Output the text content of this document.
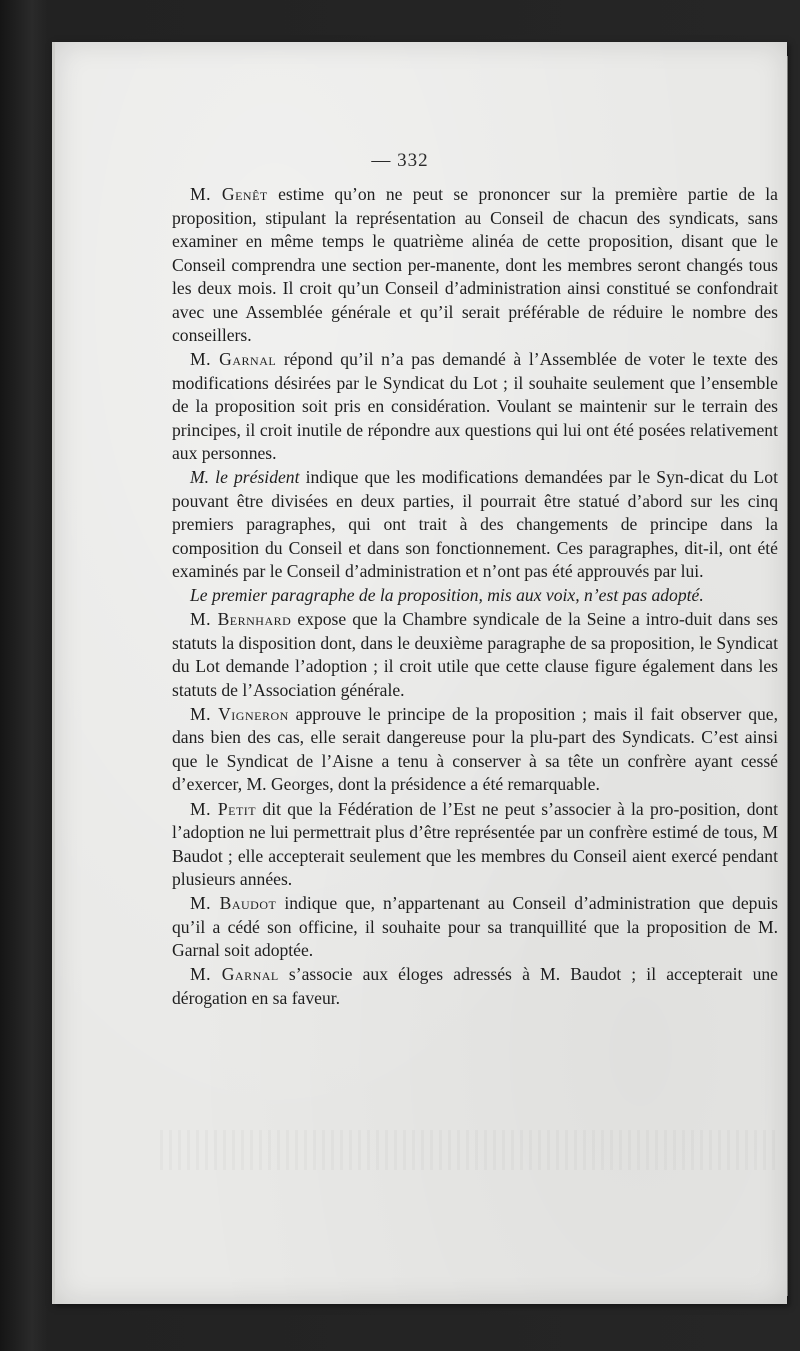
— 332

M. Genêt estime qu’on ne peut se prononcer sur la première partie de la proposition, stipulant la représentation au Conseil de chacun des syndicats, sans examiner en même temps le quatrième alinéa de cette proposition, disant que le Conseil comprendra une section per-manente, dont les membres seront changés tous les deux mois. Il croit qu’un Conseil d’administration ainsi constitué se confondrait avec une Assemblée générale et qu’il serait préférable de réduire le nombre des conseillers.

M. Garnal répond qu’il n’a pas demandé à l’Assemblée de voter le texte des modifications désirées par le Syndicat du Lot ; il souhaite seulement que l’ensemble de la proposition soit pris en considération. Voulant se maintenir sur le terrain des principes, il croit inutile de répondre aux questions qui lui ont été posées relativement aux personnes.

M. le président indique que les modifications demandées par le Syn-dicat du Lot pouvant être divisées en deux parties, il pourrait être statué d’abord sur les cinq premiers paragraphes, qui ont trait à des changements de principe dans la composition du Conseil et dans son fonctionnement. Ces paragraphes, dit-il, ont été examinés par le Conseil d’administration et n’ont pas été approuvés par lui.

Le premier paragraphe de la proposition, mis aux voix, n’est pas adopté.

M. Bernhard expose que la Chambre syndicale de la Seine a intro-duit dans ses statuts la disposition dont, dans le deuxième paragraphe de sa proposition, le Syndicat du Lot demande l’adoption ; il croit utile que cette clause figure également dans les statuts de l’Association générale.

M. Vigneron approuve le principe de la proposition ; mais il fait observer que, dans bien des cas, elle serait dangereuse pour la plu-part des Syndicats. C’est ainsi que le Syndicat de l’Aisne a tenu à conserver à sa tête un confrère ayant cessé d’exercer, M. Georges, dont la présidence a été remarquable.

M. Petit dit que la Fédération de l’Est ne peut s’associer à la pro-position, dont l’adoption ne lui permettrait plus d’être représentée par un confrère estimé de tous, M Baudot ; elle accepterait seulement que les membres du Conseil aient exercé pendant plusieurs années.

M. Baudot indique que, n’appartenant au Conseil d’administration que depuis qu’il a cédé son officine, il souhaite pour sa tranquillité que la proposition de M. Garnal soit adoptée.

M. Garnal s’associe aux éloges adressés à M. Baudot ; il accepterait une dérogation en sa faveur.
